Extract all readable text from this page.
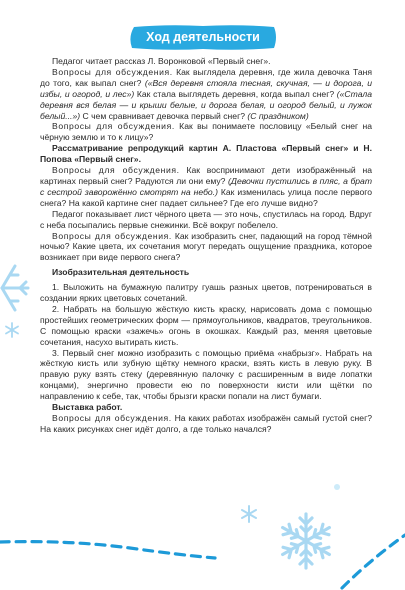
Ход деятельности

Педагог читает рассказ Л. Воронковой «Первый снег».

Вопросы для обсуждения. Как выглядела деревня, где жила девочка Таня до того, как выпал снег? («Вся деревня стояла тесная, скучная, — и дорога, и избы, и огород, и лес») Как стала выглядеть деревня, когда выпал снег? («Стала деревня вся белая — и крыши белые, и дорога белая, и огород белый, и лужок белый...») С чем сравнивает девочка первый снег? (С праздником)

Вопросы для обсуждения. Как вы понимаете пословицу «Белый снег на чёрную землю и то к лицу»?

Рассматривание репродукций картин А. Пластова «Первый снег» и Н. Попова «Первый снег».

Вопросы для обсуждения. Как воспринимают дети изображённый на картинах первый снег? Радуются ли они ему? (Девочки пустились в пляс, а брат с сестрой заворожённо смотрят на небо.) Как изменилась улица после первого снега? На какой картине снег падает сильнее? Где его лучше видно?

Педагог показывает лист чёрного цвета — это ночь, спустилась на город. Вдруг с неба посыпались первые снежинки. Всё вокруг побелело.

Вопросы для обсуждения. Как изобразить снег, падающий на город тёмной ночью? Какие цвета, их сочетания могут передать ощущение праздника, которое возникает при виде первого снега?

Изобразительная деятельность

1. Выложить на бумажную палитру гуашь разных цветов, потренироваться в создании ярких цветовых сочетаний.

2. Набрать на большую жёсткую кисть краску, нарисовать дома с помощью простейших геометрических форм — прямоугольников, квадратов, треугольников. С помощью краски «зажечь» огонь в окошках. Каждый раз, меняя цветовые сочетания, насухо вытирать кисть.

3. Первый снег можно изобразить с помощью приёма «набрызг». Набрать на жёсткую кисть или зубную щётку немного краски, взять кисть в левую руку. В правую руку взять стеку (деревянную палочку с расширенным в виде лопатки концами), энергично провести ею по поверхности кисти или щётки по направлению к себе, так, чтобы брызги краски попали на лист бумаги.

Выставка работ.

Вопросы для обсуждения. На каких работах изображён самый густой снег? На каких рисунках снег идёт долго, а где только начался?
